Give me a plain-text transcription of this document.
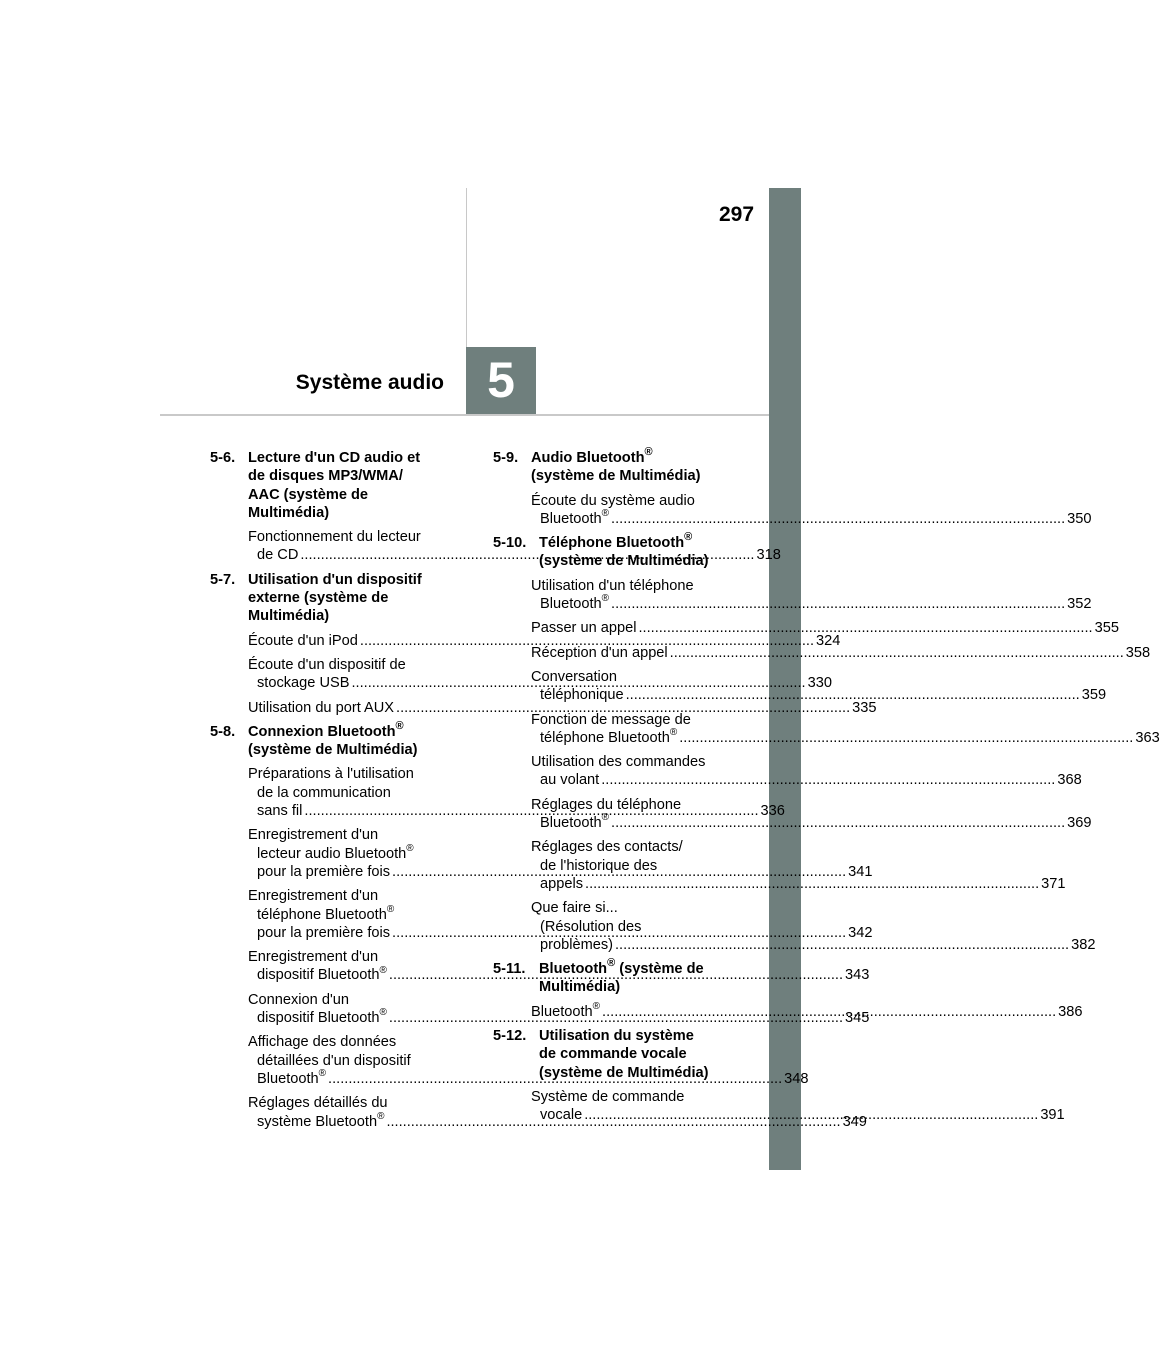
297
Système audio 5
5-6. Lecture d'un CD audio et
de disques MP3/WMA/
AAC (système de
Multimédia)
Fonctionnement du lecteur
de CD .....	318
5-7. Utilisation d'un dispositif
externe (système de
Multimédia)
Écoute d'un iPod .....	324
Écoute d'un dispositif de
stockage USB .....	330
Utilisation du port AUX .....	335
5-8. Connexion Bluetooth®
(système de Multimédia)
Préparations à l'utilisation
de la communication
sans fil .....	336
Enregistrement d'un
lecteur audio Bluetooth®
pour la première fois .....	341
Enregistrement d'un
téléphone Bluetooth®
pour la première fois .....	342
Enregistrement d'un
dispositif Bluetooth® .....	343
Connexion d'un
dispositif Bluetooth® .....	345
Affichage des données
détaillées d'un dispositif
Bluetooth® .....	348
Réglages détaillés du
système Bluetooth® .....	349
5-9. Audio Bluetooth®
(système de Multimédia)
Écoute du système audio
Bluetooth® .....	350
5-10. Téléphone Bluetooth®
(système de Multimédia)
Utilisation d'un téléphone
Bluetooth® .....	352
Passer un appel .....	355
Réception d'un appel .....	358
Conversation
téléphonique .....	359
Fonction de message de
téléphone Bluetooth® .....	363
Utilisation des commandes
au volant .....	368
Réglages du téléphone
Bluetooth® .....	369
Réglages des contacts/
de l'historique des
appels .....	371
Que faire si...
(Résolution des
problèmes) .....	382
5-11. Bluetooth® (système de
Multimédia)
Bluetooth® .....	386
5-12. Utilisation du système
de commande vocale
(système de Multimédia)
Système de commande
vocale .....	391
